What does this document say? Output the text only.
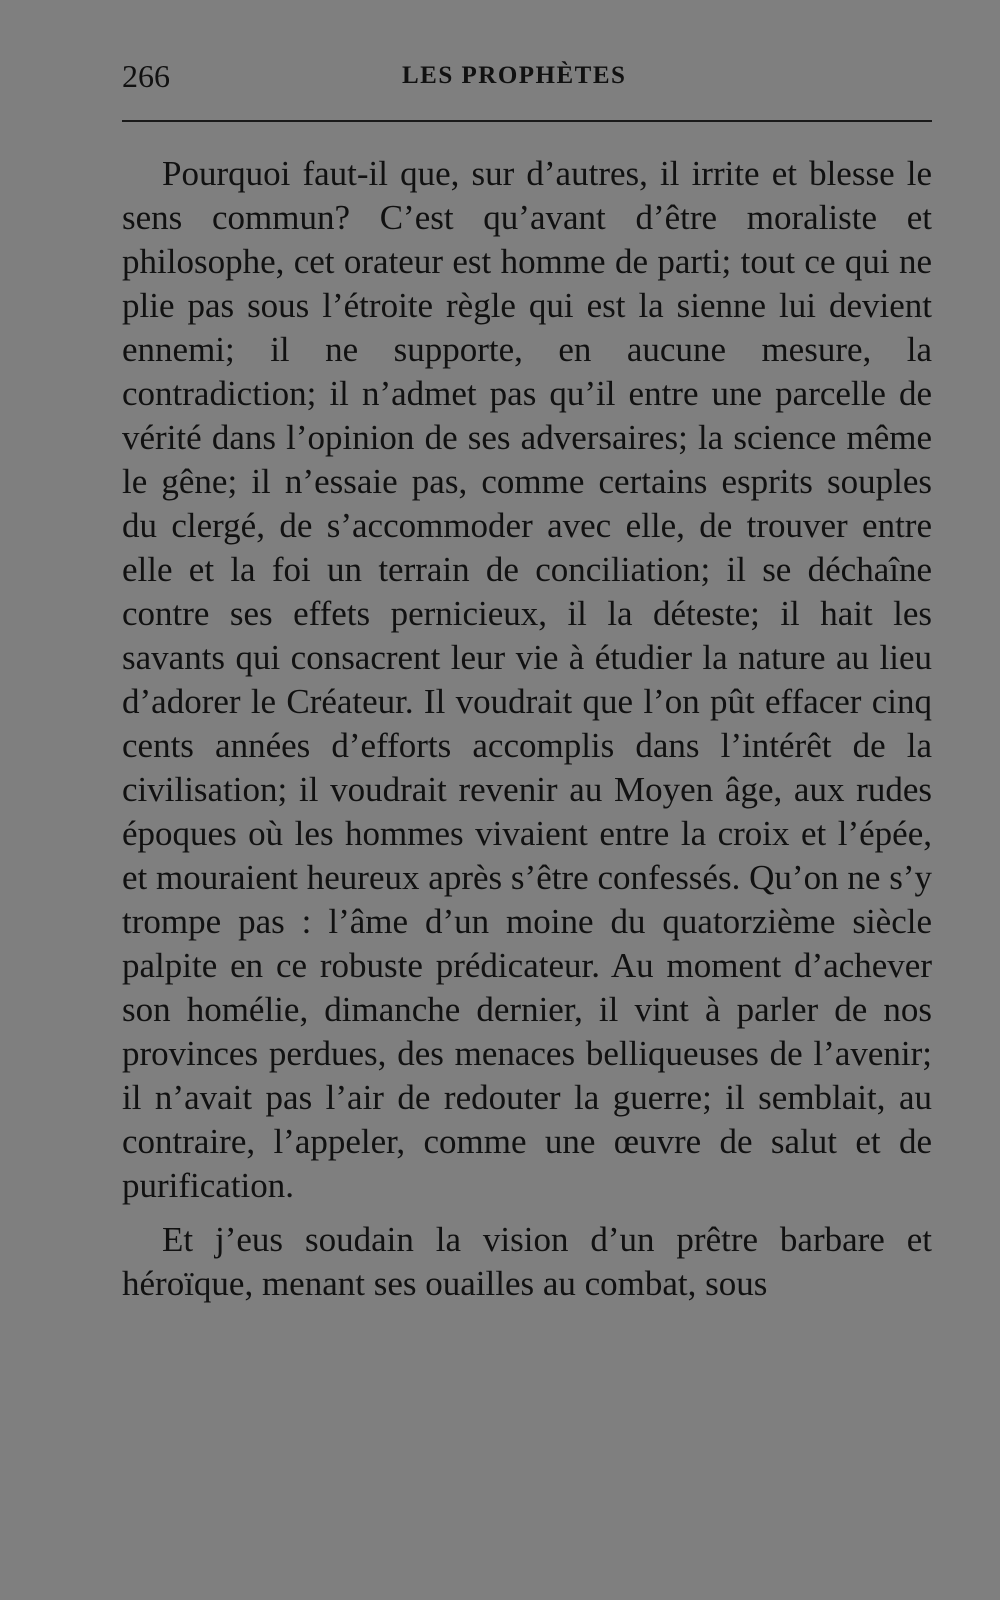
266	LES PROPHÈTES

Pourquoi faut-il que, sur d’autres, il irrite et blesse le sens commun? C’est qu’avant d’être moraliste et philosophe, cet orateur est homme de parti; tout ce qui ne plie pas sous l’étroite règle qui est la sienne lui devient ennemi; il ne supporte, en aucune mesure, la contradiction; il n’admet pas qu’il entre une parcelle de vérité dans l’opinion de ses adversaires; la science même le gêne; il n’essaie pas, comme certains esprits souples du clergé, de s’accommoder avec elle, de trouver entre elle et la foi un terrain de conciliation; il se déchaîne contre ses effets pernicieux, il la déteste; il hait les savants qui consacrent leur vie à étudier la nature au lieu d’adorer le Créateur. Il voudrait que l’on pût effacer cinq cents années d’efforts accomplis dans l’intérêt de la civilisation; il voudrait revenir au Moyen âge, aux rudes époques où les hommes vivaient entre la croix et l’épée, et mouraient heureux après s’être confessés. Qu’on ne s’y trompe pas : l’âme d’un moine du quatorzième siècle palpite en ce robuste prédicateur. Au moment d’achever son homélie, dimanche dernier, il vint à parler de nos provinces perdues, des menaces belliqueuses de l’avenir; il n’avait pas l’air de redouter la guerre; il semblait, au contraire, l’appeler, comme une œuvre de salut et de purification.

Et j’eus soudain la vision d’un prêtre barbare et héroïque, menant ses ouailles au combat, sous
